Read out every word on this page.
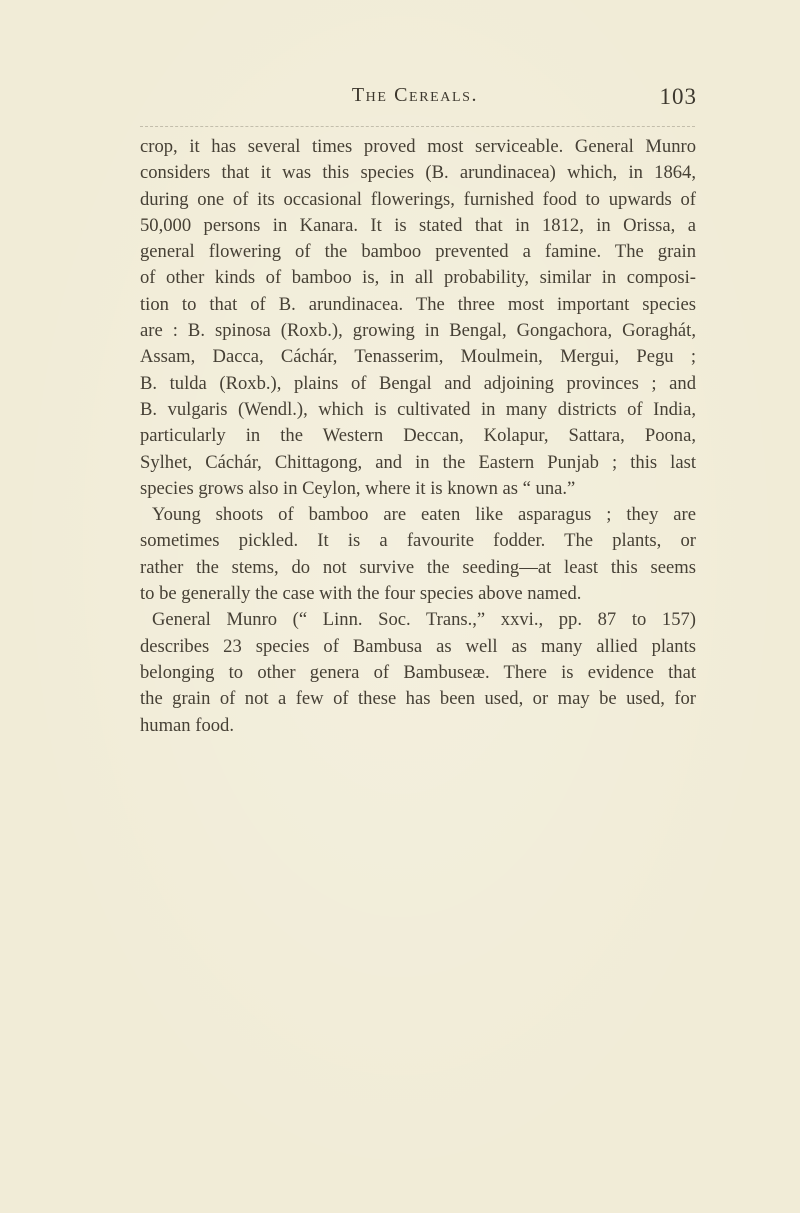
The Cereals.	103
crop, it has several times proved most serviceable. General Munro
considers that it was this species (B. arundinacea) which, in 1864,
during one of its occasional flowerings, furnished food to upwards of
50,000 persons in Kanara. It is stated that in 1812, in Orissa, a
general flowering of the bamboo prevented a famine. The grain
of other kinds of bamboo is, in all probability, similar in composi-
tion to that of B. arundinacea. The three most important species
are : B. spinosa (Roxb.), growing in Bengal, Gongachora, Goraghát,
Assam, Dacca, Cáchár, Tenasserim, Moulmein, Mergui, Pegu ;
B. tulda (Roxb.), plains of Bengal and adjoining provinces ; and
B. vulgaris (Wendl.), which is cultivated in many districts of India,
particularly in the Western Deccan, Kolapur, Sattara, Poona,
Sylhet, Cáchár, Chittagong, and in the Eastern Punjab ; this last
species grows also in Ceylon, where it is known as “ una.”
Young shoots of bamboo are eaten like asparagus ; they are
sometimes pickled. It is a favourite fodder. The plants, or
rather the stems, do not survive the seeding—at least this seems
to be generally the case with the four species above named.
General Munro (“ Linn. Soc. Trans.,” xxvi., pp. 87 to 157)
describes 23 species of Bambusa as well as many allied plants
belonging to other genera of Bambuseæ. There is evidence that
the grain of not a few of these has been used, or may be used, for
human food.
